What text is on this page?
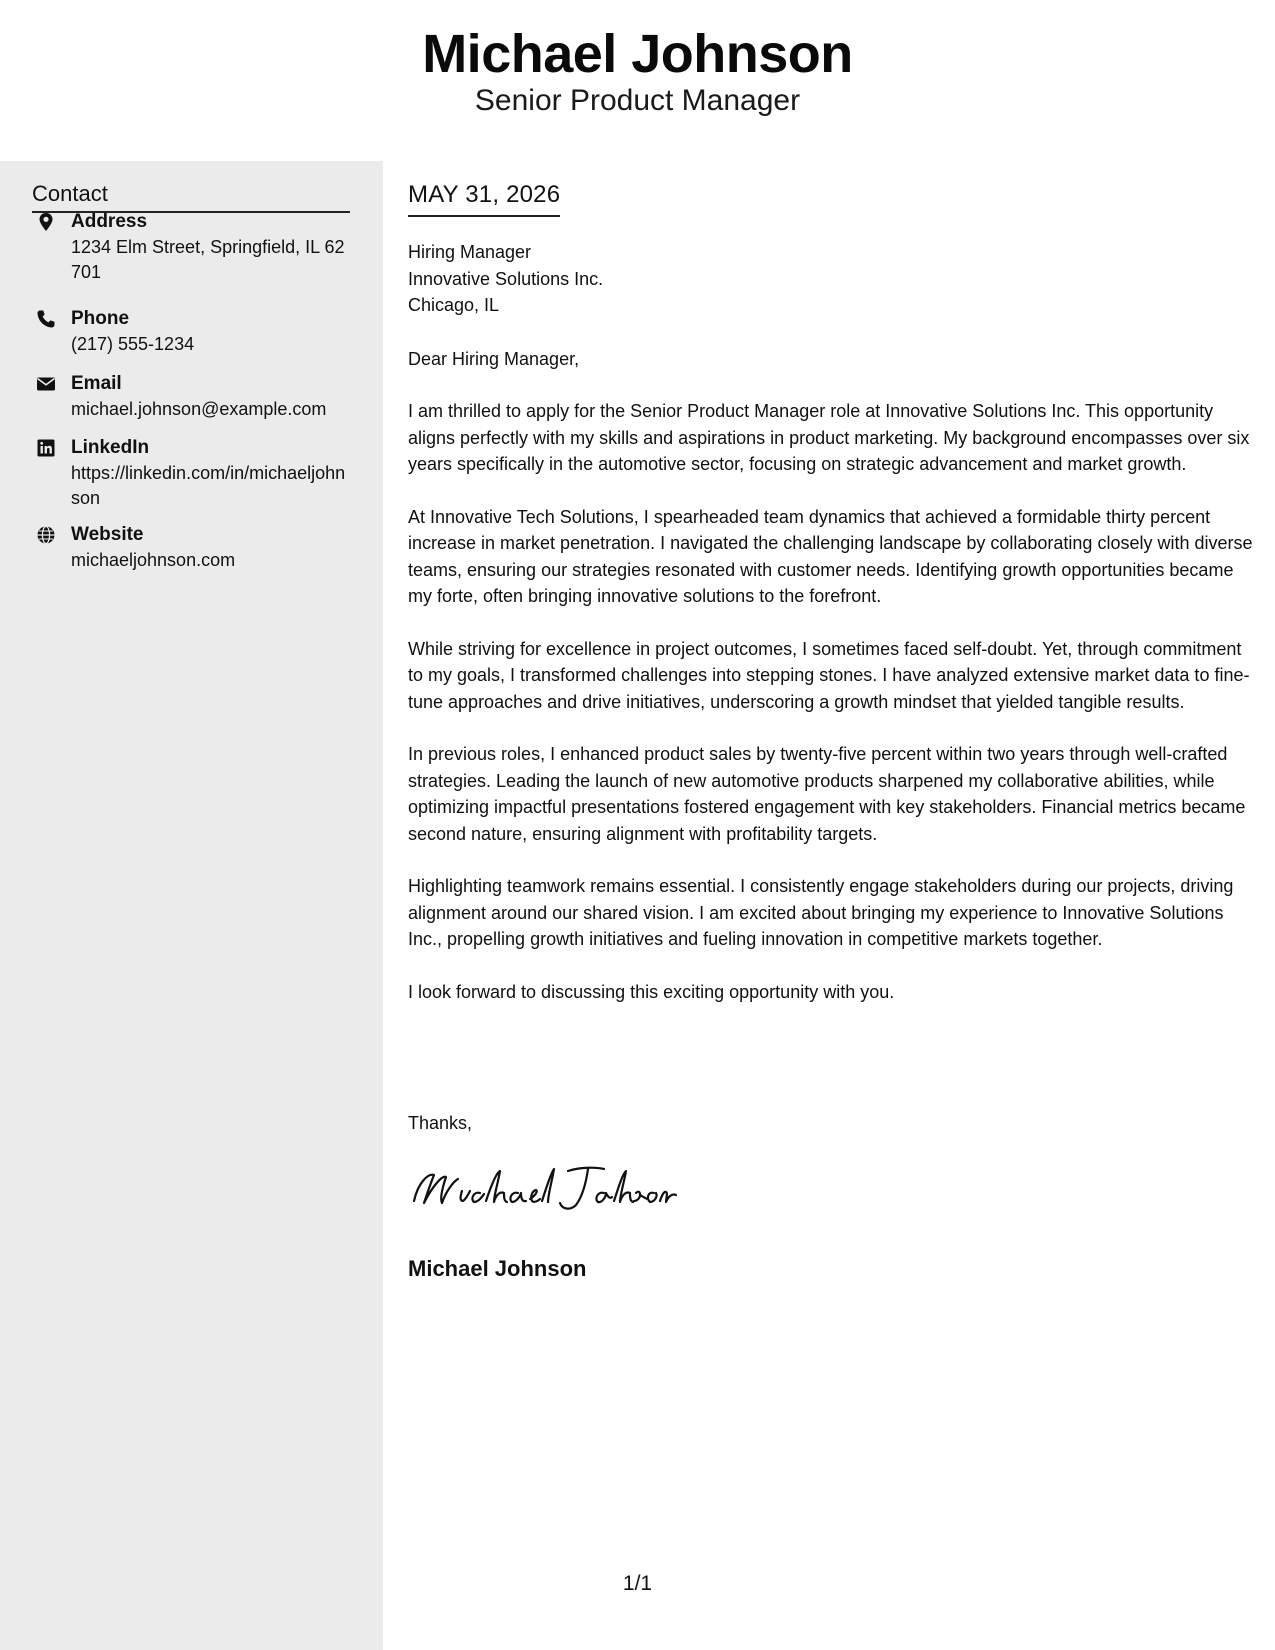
Michael Johnson
Senior Product Manager
Contact
Address
1234 Elm Street, Springfield, IL 62701
Phone
(217) 555-1234
Email
michael.johnson@example.com
LinkedIn
https://linkedin.com/in/michaeljohnson
Website
michaeljohnson.com
MAY 31, 2026
Hiring Manager
Innovative Solutions Inc.
Chicago, IL
Dear Hiring Manager,

I am thrilled to apply for the Senior Product Manager role at Innovative Solutions Inc. This opportunity aligns perfectly with my skills and aspirations in product marketing. My background encompasses over six years specifically in the automotive sector, focusing on strategic advancement and market growth.

At Innovative Tech Solutions, I spearheaded team dynamics that achieved a formidable thirty percent increase in market penetration. I navigated the challenging landscape by collaborating closely with diverse teams, ensuring our strategies resonated with customer needs. Identifying growth opportunities became my forte, often bringing innovative solutions to the forefront.

While striving for excellence in project outcomes, I sometimes faced self-doubt. Yet, through commitment to my goals, I transformed challenges into stepping stones. I have analyzed extensive market data to fine-tune approaches and drive initiatives, underscoring a growth mindset that yielded tangible results.

In previous roles, I enhanced product sales by twenty-five percent within two years through well-crafted strategies. Leading the launch of new automotive products sharpened my collaborative abilities, while optimizing impactful presentations fostered engagement with key stakeholders. Financial metrics became second nature, ensuring alignment with profitability targets.

Highlighting teamwork remains essential. I consistently engage stakeholders during our projects, driving alignment around our shared vision. I am excited about bringing my experience to Innovative Solutions Inc., propelling growth initiatives and fueling innovation in competitive markets together.

I look forward to discussing this exciting opportunity with you.

Thanks,
Michael Johnson
1/1
